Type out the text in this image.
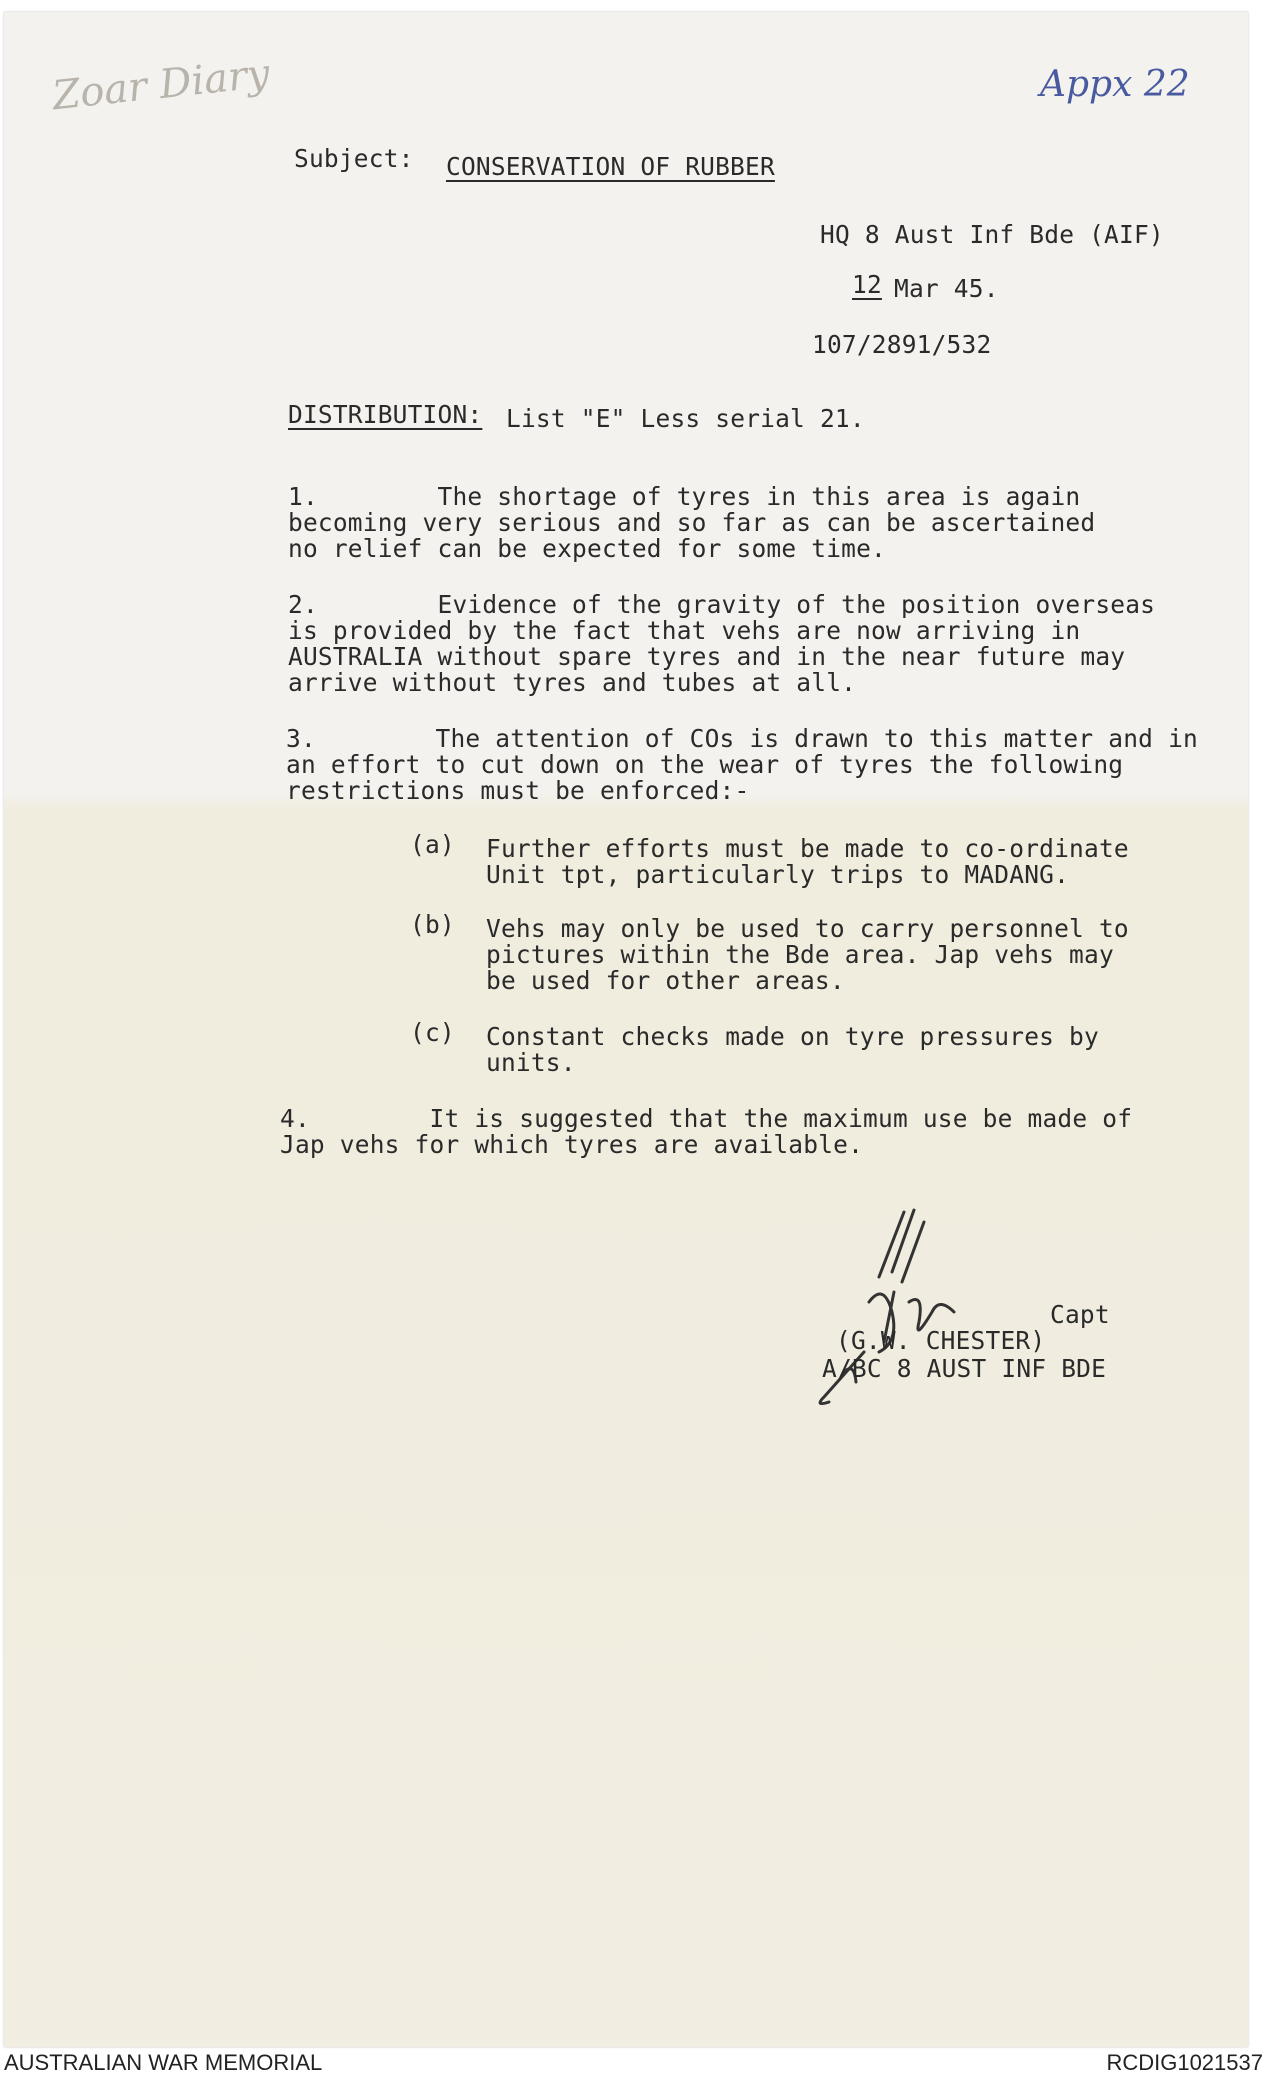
Zoar Diary	Appx 22
Subject: CONSERVATION OF RUBBER
HQ 8 Aust Inf Bde (AIF)
12 Mar 45.
107/2891/532
DISTRIBUTION: List "E" Less serial 21.
1.        The shortage of tyres in this area is again
becoming very serious and so far as can be ascertained
no relief can be expected for some time.
2.        Evidence of the gravity of the position overseas
is provided by the fact that vehs are now arriving in
AUSTRALIA without spare tyres and in the near future may
arrive without tyres and tubes at all.
3.        The attention of COs is drawn to this matter and in
an effort to cut down on the wear of tyres the following
restrictions must be enforced:-
(a) Further efforts must be made to co-ordinate
Unit tpt, particularly trips to MADANG.
(b) Vehs may only be used to carry personnel to
pictures within the Bde area. Jap vehs may
be used for other areas.
(c) Constant checks made on tyre pressures by
units.
4.        It is suggested that the maximum use be made of
Jap vehs for which tyres are available.
Capt
(G.W. CHESTER)
A/BC 8 AUST INF BDE
AUSTRALIAN WAR MEMORIAL	RCDIG1021537
